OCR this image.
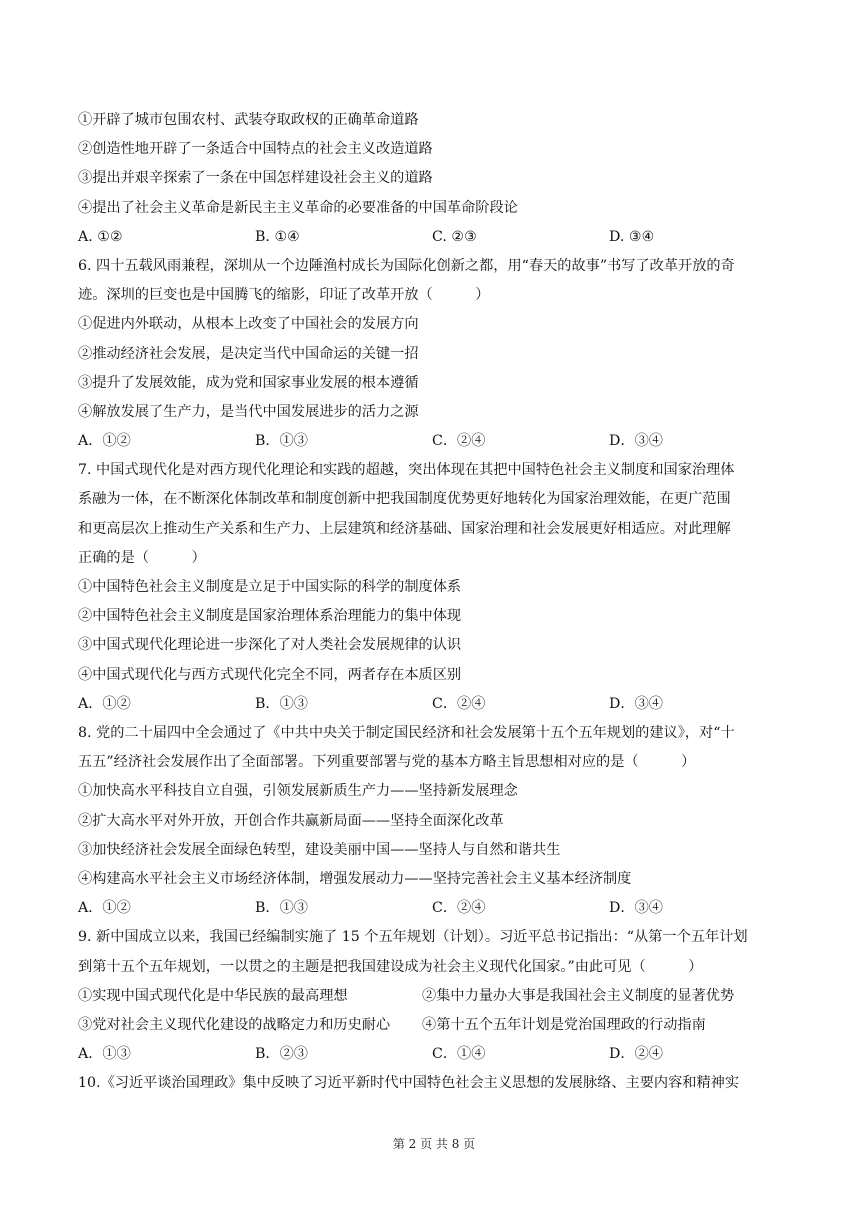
①开辟了城市包围农村、武装夺取政权的正确革命道路
②创造性地开辟了一条适合中国特点的社会主义改造道路
③提出并艰辛探索了一条在中国怎样建设社会主义的道路
④提出了社会主义革命是新民主主义革命的必要准备的中国革命阶段论
A. ①②	B. ①④	C. ②③	D. ③④
6. 四十五载风雨兼程，深圳从一个边陲渔村成长为国际化创新之都，用“春天的故事”书写了改革开放的奇
迹。深圳的巨变也是中国腾飞的缩影，印证了改革开放（　　　）
①促进内外联动，从根本上改变了中国社会的发展方向
②推动经济社会发展，是决定当代中国命运的关键一招
③提升了发展效能，成为党和国家事业发展的根本遵循
④解放发展了生产力，是当代中国发展进步的活力之源
A．①②	B．①③	C．②④	D．③④
7. 中国式现代化是对西方现代化理论和实践的超越，突出体现在其把中国特色社会主义制度和国家治理体
系融为一体，在不断深化体制改革和制度创新中把我国制度优势更好地转化为国家治理效能，在更广范围
和更高层次上推动生产关系和生产力、上层建筑和经济基础、国家治理和社会发展更好相适应。对此理解
正确的是（　　　）
①中国特色社会主义制度是立足于中国实际的科学的制度体系
②中国特色社会主义制度是国家治理体系治理能力的集中体现
③中国式现代化理论进一步深化了对人类社会发展规律的认识
④中国式现代化与西方式现代化完全不同，两者存在本质区别
A．①②	B．①③	C．②④	D．③④
8. 党的二十届四中全会通过了《中共中央关于制定国民经济和社会发展第十五个五年规划的建议》，对“十
五五”经济社会发展作出了全面部署。下列重要部署与党的基本方略主旨思想相对应的是（　　　）
①加快高水平科技自立自强，引领发展新质生产力——坚持新发展理念
②扩大高水平对外开放，开创合作共赢新局面——坚持全面深化改革
③加快经济社会发展全面绿色转型，建设美丽中国——坚持人与自然和谐共生
④构建高水平社会主义市场经济体制，增强发展动力——坚持完善社会主义基本经济制度
A．①②	B．①③	C．②④	D．③④
9. 新中国成立以来，我国已经编制实施了 15 个五年规划（计划）。习近平总书记指出：“从第一个五年计划
到第十五个五年规划，一以贯之的主题是把我国建设成为社会主义现代化国家。”由此可见（　　　）
①实现中国式现代化是中华民族的最高理想	②集中力量办大事是我国社会主义制度的显著优势
③党对社会主义现代化建设的战略定力和历史耐心 ④第十五个五年计划是党治国理政的行动指南
A．①③	B．②③	C．①④	D．②④
10.《习近平谈治国理政》集中反映了习近平新时代中国特色社会主义思想的发展脉络、主要内容和精神实
第 2 页 共 8 页
